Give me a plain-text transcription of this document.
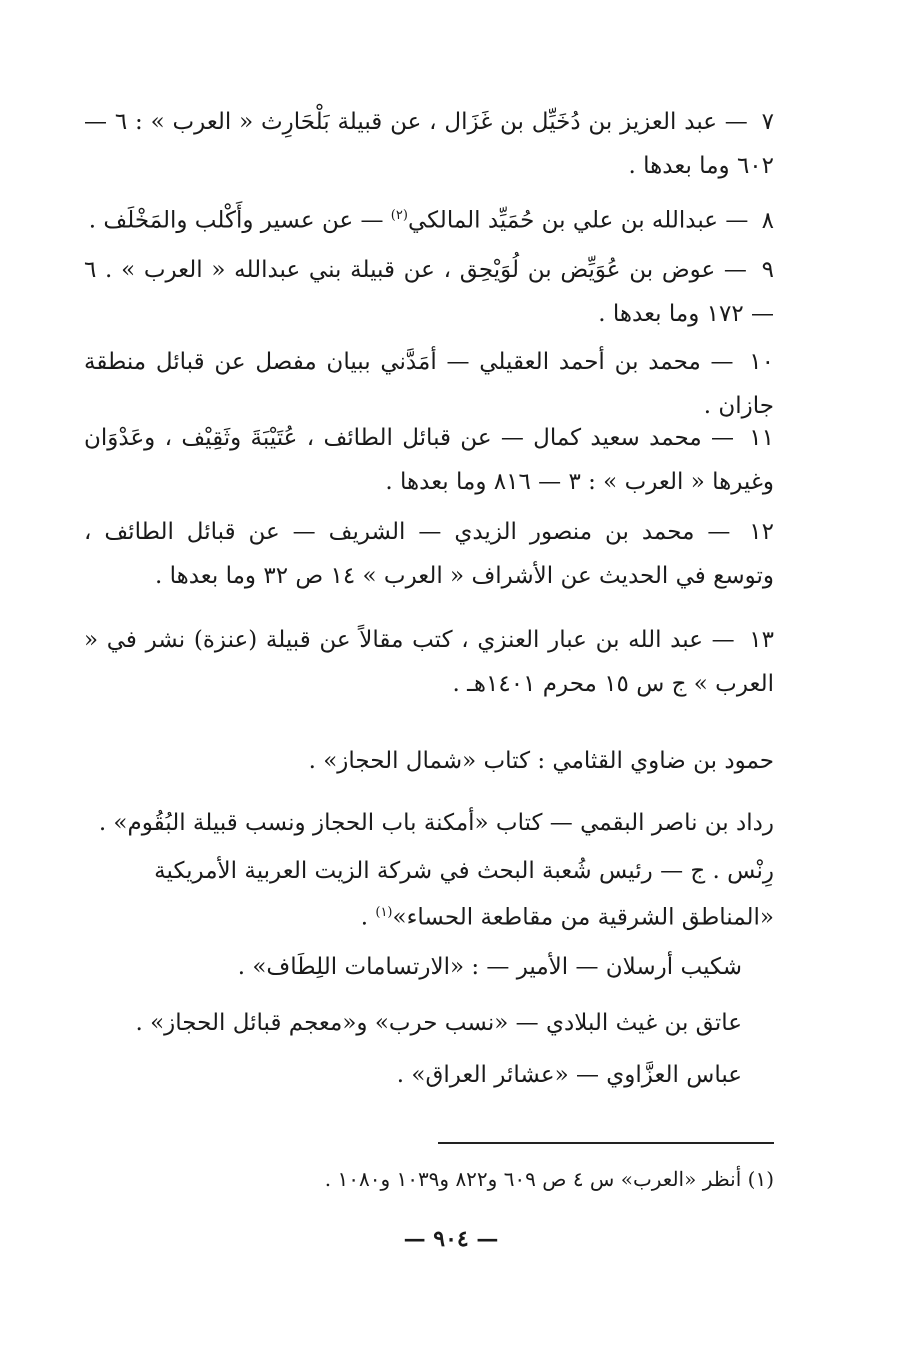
٧ — عبد العزيز بن دُخَيِّل بن غَزَال ، عن قبيلة بَلْحَارِث « العرب » : ٦ — ٦٠٢ وما بعدها .
٨ — عبدالله بن علي بن حُمَيِّد المالكي$^{(٢)}$ — عن عسير وأَكْلب والمَخْلَف .
٩ — عوض بن عُوَيِّض بن لُوَيْحِق ، عن قبيلة بني عبدالله « العرب » . ٦ — ١٧٢ وما بعدها .
١٠ — محمد بن أحمد العقيلي — أمَدَّني ببيان مفصل عن قبائل منطقة جازان .
١١ — محمد سعيد كمال — عن قبائل الطائف ، عُتَيْبَةَ وثَقِيْف ، وعَدْوَان وغيرها « العرب » : ٣ — ٨١٦ وما بعدها .
١٢ — محمد بن منصور الزيدي — الشريف — عن قبائل الطائف ، وتوسع في الحديث عن الأشراف « العرب » ١٤ ص ٣٢ وما بعدها .
١٣ — عبد الله بن عبار العنزي ، كتب مقالاً عن قبيلة (عنزة) نشر في « العرب » ج س ١٥ محرم ١٤٠١هـ .
حمود بن ضاوي القثامي : كتاب «شمال الحجاز» .
رداد بن ناصر البقمي — كتاب «أمكنة باب الحجاز ونسب قبيلة البُقُوم» .
رِنْس . ج — رئيس شُعبة البحث في شركة الزيت العربية الأمريكية «المناطق الشرقية من مقاطعة الحساء»$^{(١)}$ .
شكيب أرسلان — الأمير — : «الارتسامات اللِطَاف» .
عاتق بن غيث البلادي — «نسب حرب» و«معجم قبائل الحجاز» .
عباس العزَّاوي — «عشائر العراق» .
(١) أنظر «العرب» س ٤ ص ٦٠٩ و٨٢٢ و١٠٣٩ و١٠٨٠ .
— ٩٠٤ —
